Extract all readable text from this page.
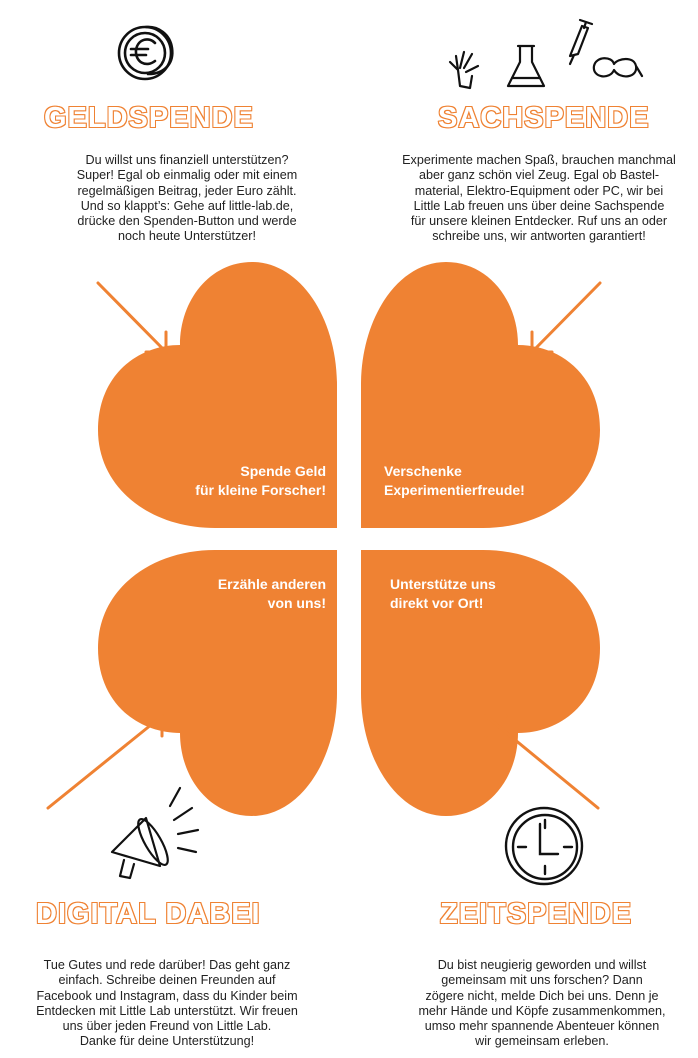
GELDSPENDE	SACHSPENDE
DIGITAL DABEI	ZEITSPENDE
Du willst uns finanziell unterstützen?
Super! Egal ob einmalig oder mit einem
regelmäßigen Beitrag, jeder Euro zählt.
Und so klappt’s: Gehe auf little-lab.de,
drücke den Spenden-Button und werde
noch heute Unterstützer!
Experimente machen Spaß, brauchen manchmal
aber ganz schön viel Zeug. Egal ob Bastel-
material, Elektro-Equipment oder PC, wir bei
Little Lab freuen uns über deine Sachspende
für unsere kleinen Entdecker. Ruf uns an oder
schreibe uns, wir antworten garantiert!
Tue Gutes und rede darüber! Das geht ganz
einfach. Schreibe deinen Freunden auf
Facebook und Instagram, dass du Kinder beim
Entdecken mit Little Lab unterstützt. Wir freuen
uns über jeden Freund von Little Lab.
Danke für deine Unterstützung!
Du bist neugierig geworden und willst
gemeinsam mit uns forschen? Dann
zögere nicht, melde Dich bei uns. Denn je
mehr Hände und Köpfe zusammenkommen,
umso mehr spannende Abenteuer können
wir gemeinsam erleben.
Spende Geld
für kleine Forscher!
Verschenke
Experimentierfreude!
Erzähle anderen
von uns!
Unterstütze uns
direkt vor Ort!
